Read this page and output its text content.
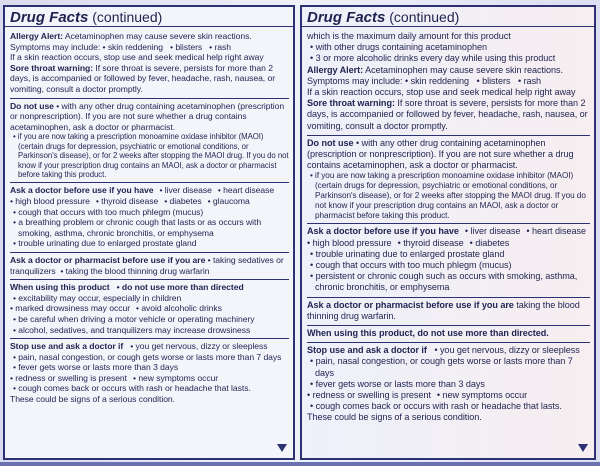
Drug Facts (continued)
Allergy Alert: Acetaminophen may cause severe skin reactions. Symptoms may include: • skin reddening • blisters • rash
If a skin reaction occurs, stop use and seek medical help right away
Sore throat warning: If sore throat is severe, persists for more than 2 days, is accompanied or followed by fever, headache, rash, nausea, or vomiting, consult a doctor promptly.
Do not use • with any other drug containing acetaminophen (prescription or nonprescription). If you are not sure whether a drug contains acetaminophen, ask a doctor or pharmacist.
• if you are now taking a prescription monoamine oxidase inhibitor (MAOI) (certain drugs for depression, psychiatric or emotional conditions, or Parkinson's disease), or for 2 weeks after stopping the MAOI drug. If you do not know if your prescription drug contains an MAOI, ask a doctor or pharmacist before taking this product.
Ask a doctor before use if you have	• liver disease	• heart disease
• high blood pressure	• thyroid disease	• diabetes	• glaucoma
• cough that occurs with too much phlegm (mucus)
• a breathing problem or chronic cough that lasts or as occurs with smoking, asthma, chronic bronchitis, or emphysema
• trouble urinating due to enlarged prostate gland
Ask a doctor or pharmacist before use if you are • taking sedatives or tranquilizers • taking the blood thinning drug warfarin
When using this product • do not use more than directed
• excitability may occur, especially in children
• marked drowsiness may occur	• avoid alcoholic drinks
• be careful when driving a motor vehicle or operating machinery
• alcohol, sedatives, and tranquilizers may increase drowsiness
Stop use and ask a doctor if • you get nervous, dizzy or sleepless
• pain, nasal congestion, or cough gets worse or lasts more than 7 days
• fever gets worse or lasts more than 3 days
• redness or swelling is present	• new symptoms occur
• cough comes back or occurs with rash or headache that lasts.
These could be signs of a serious condition.
Drug Facts (continued)
which is the maximum daily amount for this product
• with other drugs containing acetaminophen
• 3 or more alcoholic drinks every day while using this product
Allergy Alert: Acetaminophen may cause severe skin reactions. Symptoms may include: • skin reddening • blisters • rash
If a skin reaction occurs, stop use and seek medical help right away
Sore throat warning: If sore throat is severe, persists for more than 2 days, is accompanied or followed by fever, headache, rash, nausea, or vomiting, consult a doctor promptly.
Do not use • with any other drug containing acetaminophen (prescription or nonprescription). If you are not sure whether a drug contains acetaminophen, ask a doctor or pharmacist.
• if you are now taking a prescription monoamine oxidase inhibitor (MAOI) (certain drugs for depression, psychiatric or emotional conditions, or Parkinson's disease), or for 2 weeks after stopping the MAOI drug. If you do not know if your prescription drug contains an MAOI, ask a doctor or pharmacist before taking this product.
Ask a doctor before use if you have	• liver disease	• heart disease
• high blood pressure	• thyroid disease	• diabetes
• trouble urinating due to enlarged prostate gland
• cough that occurs with too much phlegm (mucus)
• persistent or chronic cough such as occurs with smoking, asthma, chronic bronchitis, or emphysema
Ask a doctor or pharmacist before use if you are taking the blood thinning drug warfarin.
When using this product, do not use more than directed.
Stop use and ask a doctor if • you get nervous, dizzy or sleepless
• pain, nasal congestion, or cough gets worse or lasts more than 7 days
• fever gets worse or lasts more than 3 days
• redness or swelling is present	• new symptoms occur
• cough comes back or occurs with rash or headache that lasts.
These could be signs of a serious condition.
